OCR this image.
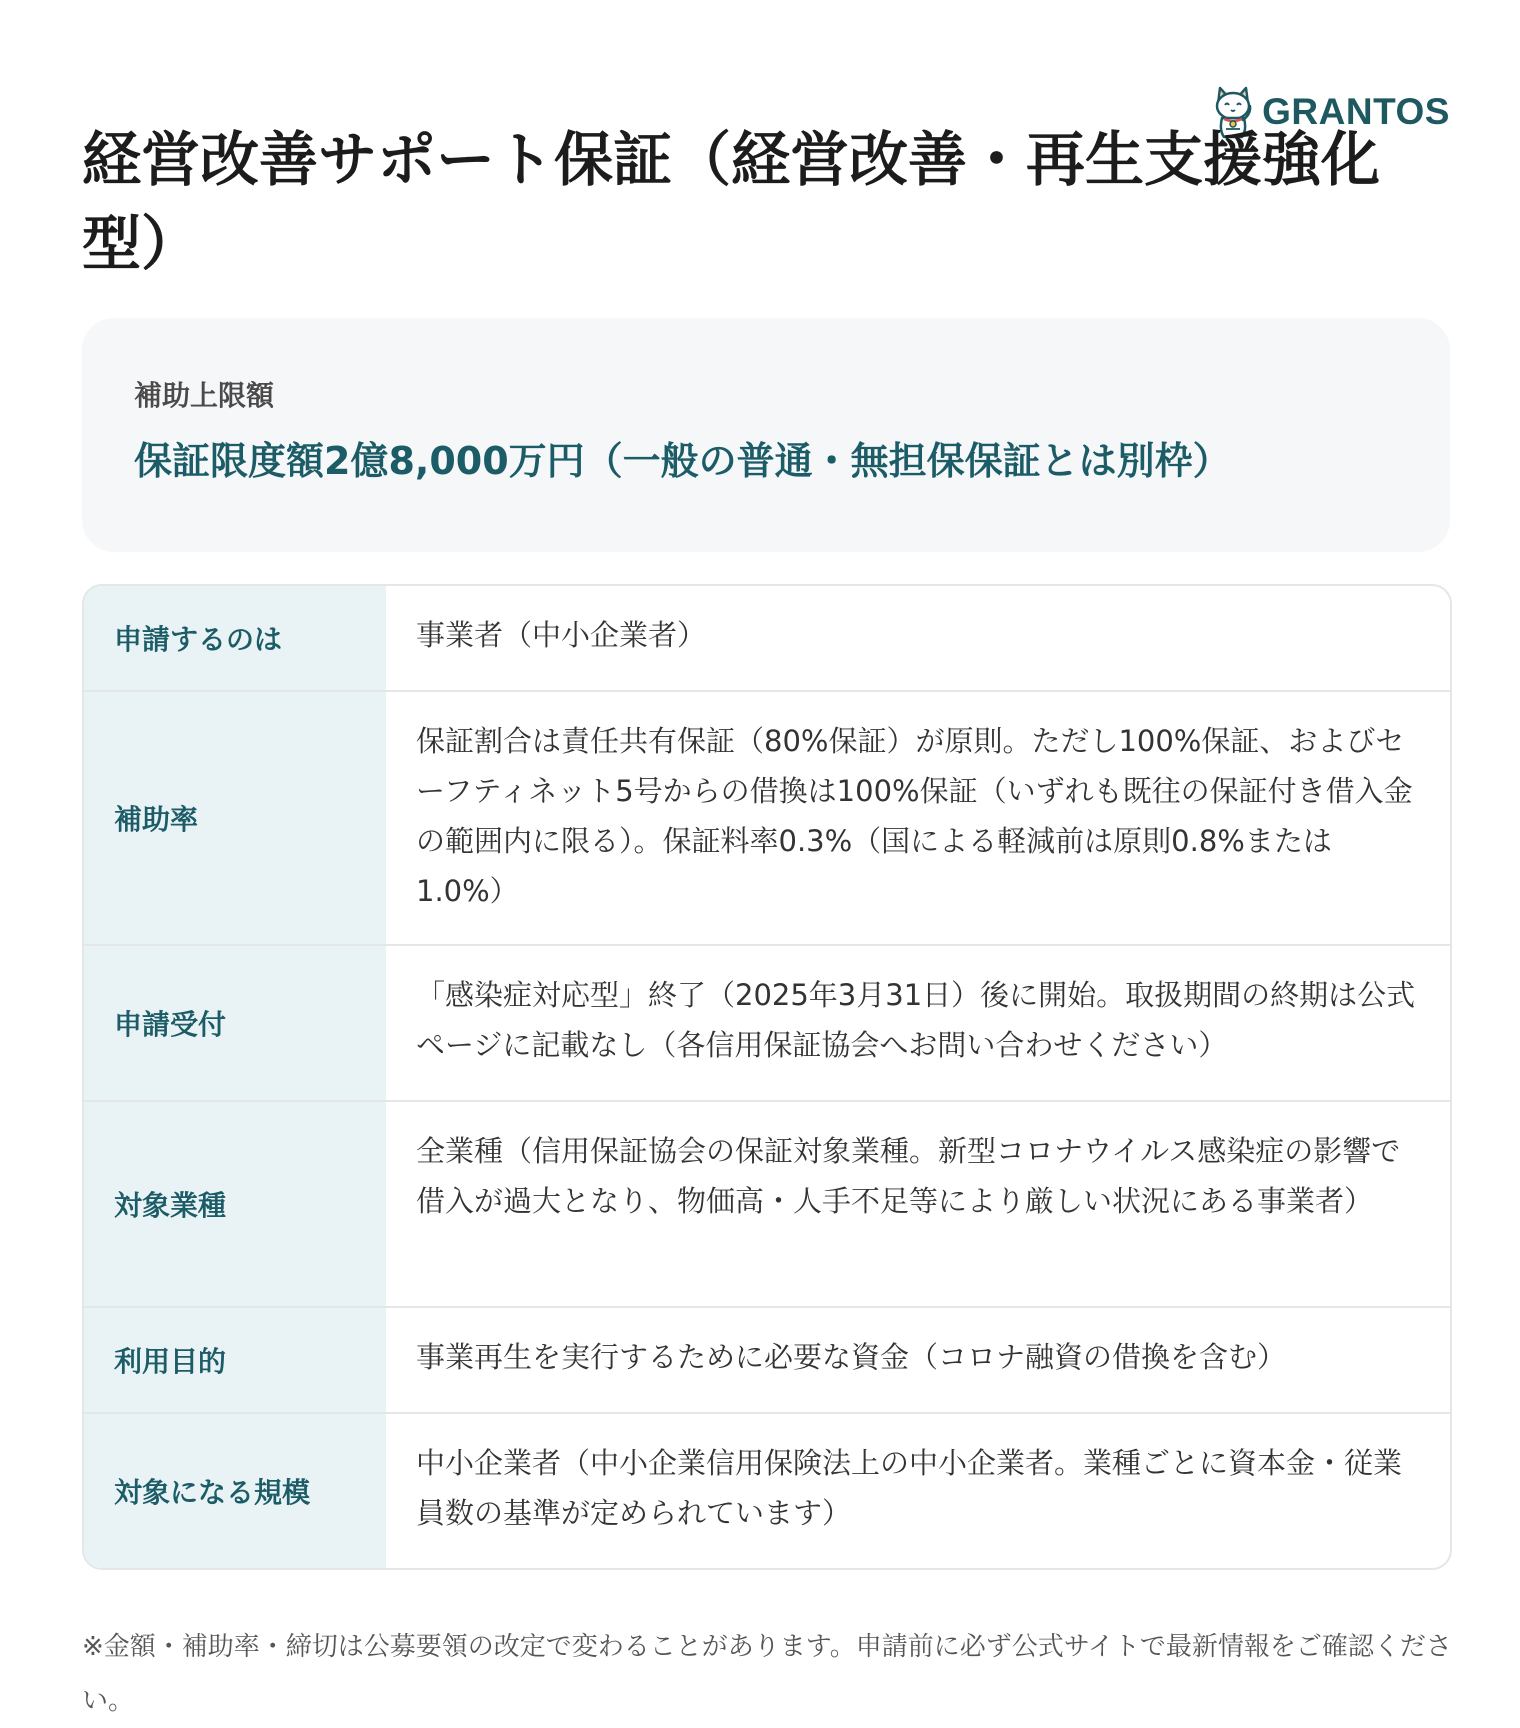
GRANTOS
経営改善サポート保証（経営改善・再生支援強化型）
補助上限額
保証限度額2億8,000万円（一般の普通・無担保保証とは別枠）
申請するのは	事業者（中小企業者）
補助率
保証割合は責任共有保証（80%保証）が原則。ただし100%保証、およびセーフティネット5号からの借換は100%保証（いずれも既往の保証付き借入金の範囲内に限る）。保証料率0.3%（国による軽減前は原則0.8%または1.0%）
申請受付
「感染症対応型」終了（2025年3月31日）後に開始。取扱期間の終期は公式ページに記載なし（各信用保証協会へお問い合わせください）
対象業種
全業種（信用保証協会の保証対象業種。新型コロナウイルス感染症の影響で借入が過大となり、物価高・人手不足等により厳しい状況にある事業者）
利用目的	事業再生を実行するために必要な資金（コロナ融資の借換を含む）
対象になる規模
中小企業者（中小企業信用保険法上の中小企業者。業種ごとに資本金・従業員数の基準が定められています）

※金額・補助率・締切は公募要領の改定で変わることがあります。申請前に必ず公式サイトで最新情報をご確認ください。
